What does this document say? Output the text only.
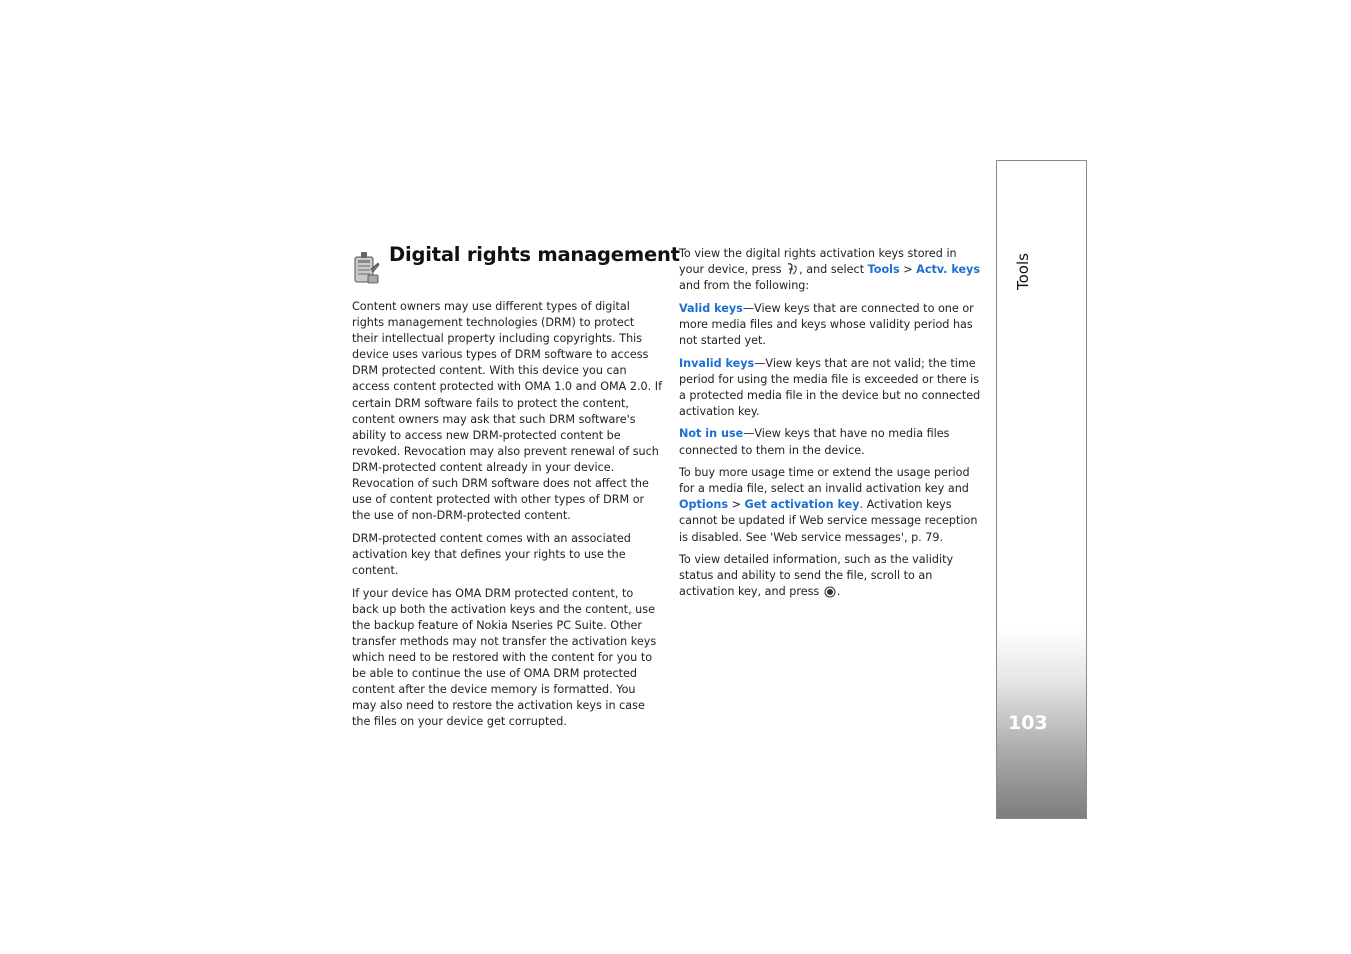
Digital rights management

Content owners may use different types of digital rights management technologies (DRM) to protect their intellectual property including copyrights. This device uses various types of DRM software to access DRM protected content. With this device you can access content protected with OMA 1.0 and OMA 2.0. If certain DRM software fails to protect the content, content owners may ask that such DRM software's ability to access new DRM-protected content be revoked. Revocation may also prevent renewal of such DRM-protected content already in your device. Revocation of such DRM software does not affect the use of content protected with other types of DRM or the use of non-DRM-protected content.

DRM-protected content comes with an associated activation key that defines your rights to use the content.

If your device has OMA DRM protected content, to back up both the activation keys and the content, use the backup feature of Nokia Nseries PC Suite. Other transfer methods may not transfer the activation keys which need to be restored with the content for you to be able to continue the use of OMA DRM protected content after the device memory is formatted. You may also need to restore the activation keys in case the files on your device get corrupted.

To view the digital rights activation keys stored in your device, press , and select Tools > Actv. keys and from the following:

Valid keys—View keys that are connected to one or more media files and keys whose validity period has not started yet.

Invalid keys—View keys that are not valid; the time period for using the media file is exceeded or there is a protected media file in the device but no connected activation key.

Not in use—View keys that have no media files connected to them in the device.

To buy more usage time or extend the usage period for a media file, select an invalid activation key and Options > Get activation key. Activation keys cannot be updated if Web service message reception is disabled. See 'Web service messages', p. 79.

To view detailed information, such as the validity status and ability to send the file, scroll to an activation key, and press .

Tools

103
